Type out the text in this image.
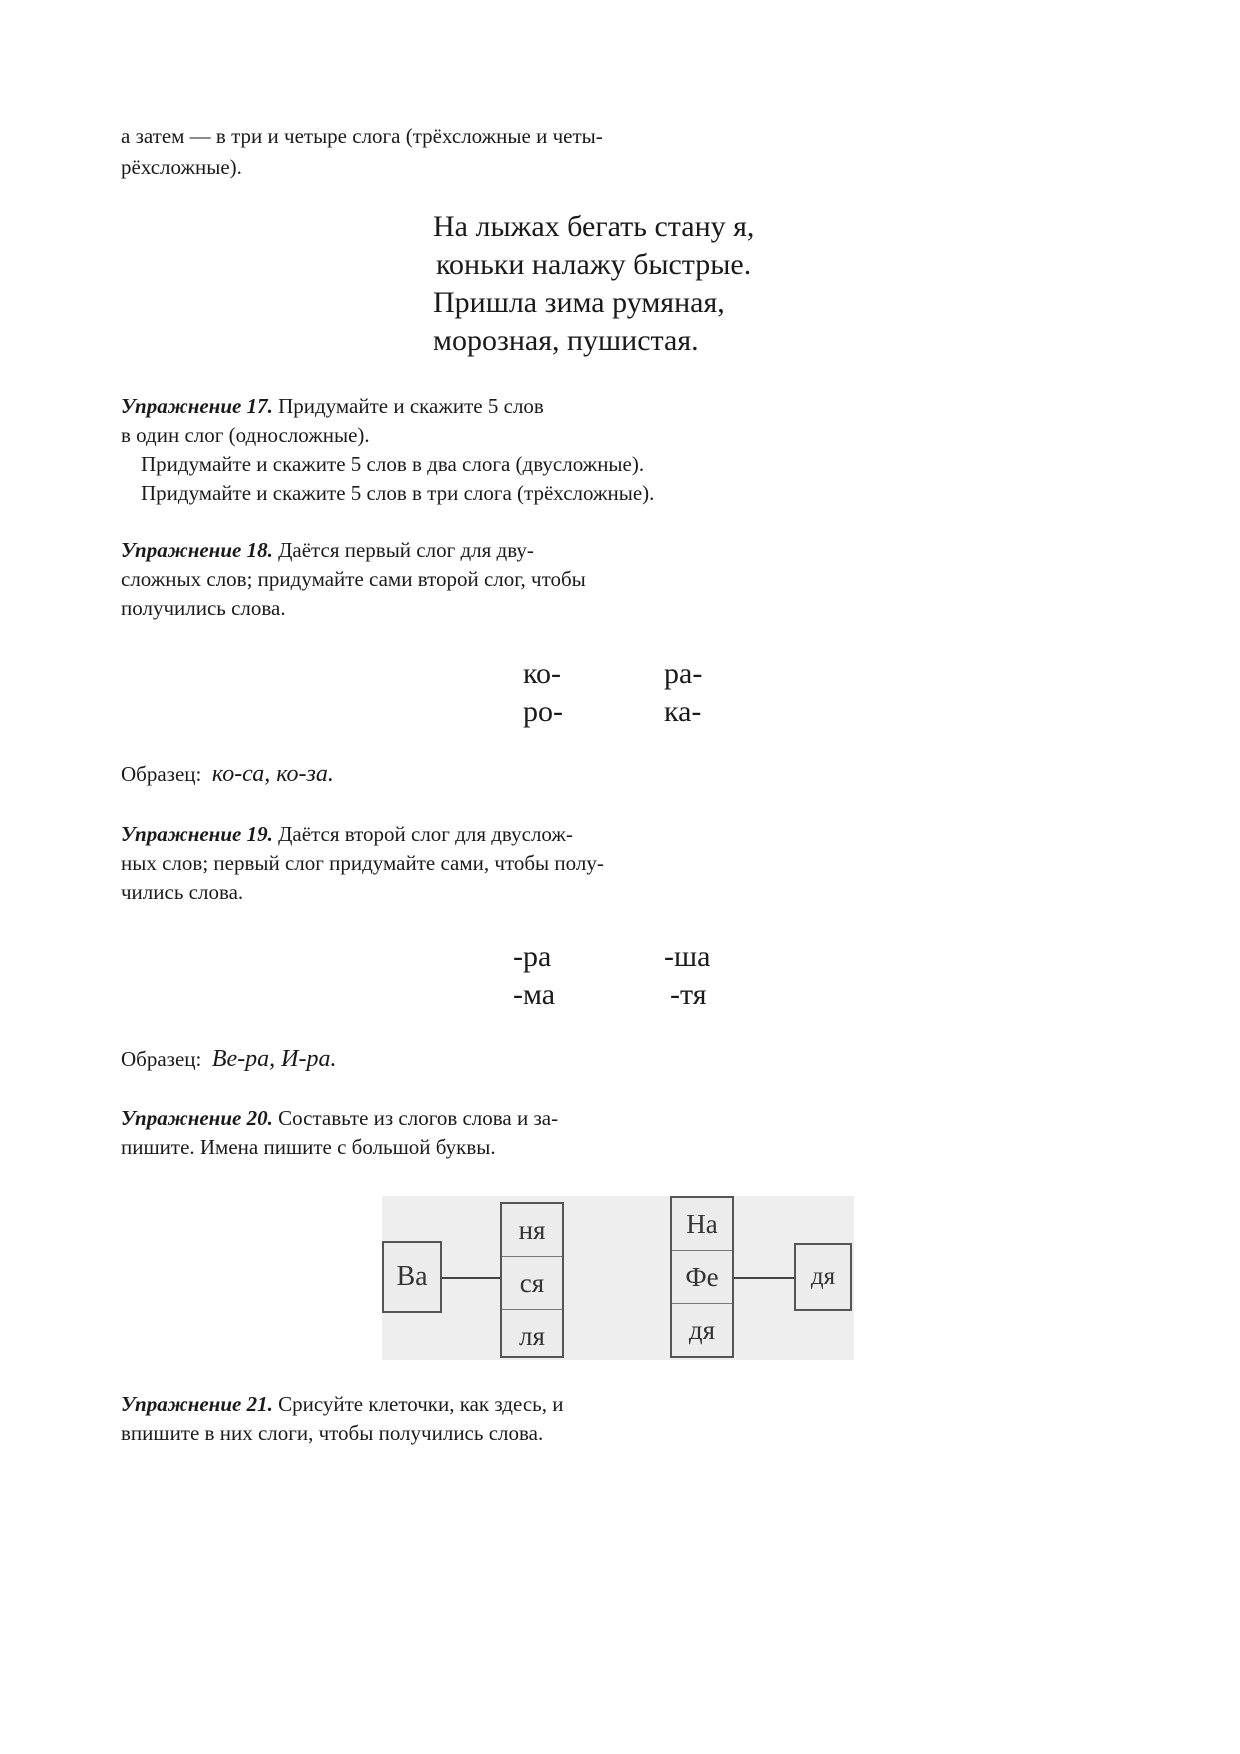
а затем — в три и четыре слога (трёхсложные и четы-
рёхсложные).
На лыжах бегать стану я,
коньки налажу быстрые.
Пришла зима румяная,
морозная, пушистая.
Упражнение 17. Придумайте и скажите 5 слов
в один слог (односложные).
Придумайте и скажите 5 слов в два слога (двусложные).
Придумайте и скажите 5 слов в три слога (трёхсложные).
Упражнение 18. Даётся первый слог для дву-
сложных слов; придумайте сами второй слог, чтобы
получились слова.
ко-	ра-
ро-	ка-
Образец: ко-са, ко-за.
Упражнение 19. Даётся второй слог для двуслож-
ных слов; первый слог придумайте сами, чтобы полу-
чились слова.
-ра	-ша
-ма	-тя
Образец: Ве-ра, И-ра.
Упражнение 20. Составьте из слогов слова и за-
пишите. Имена пишите с большой буквы.
Ва
ня
ся
ля
На
Фе
дя
дя
Упражнение 21. Срисуйте клеточки, как здесь, и
впишите в них слоги, чтобы получились слова.
